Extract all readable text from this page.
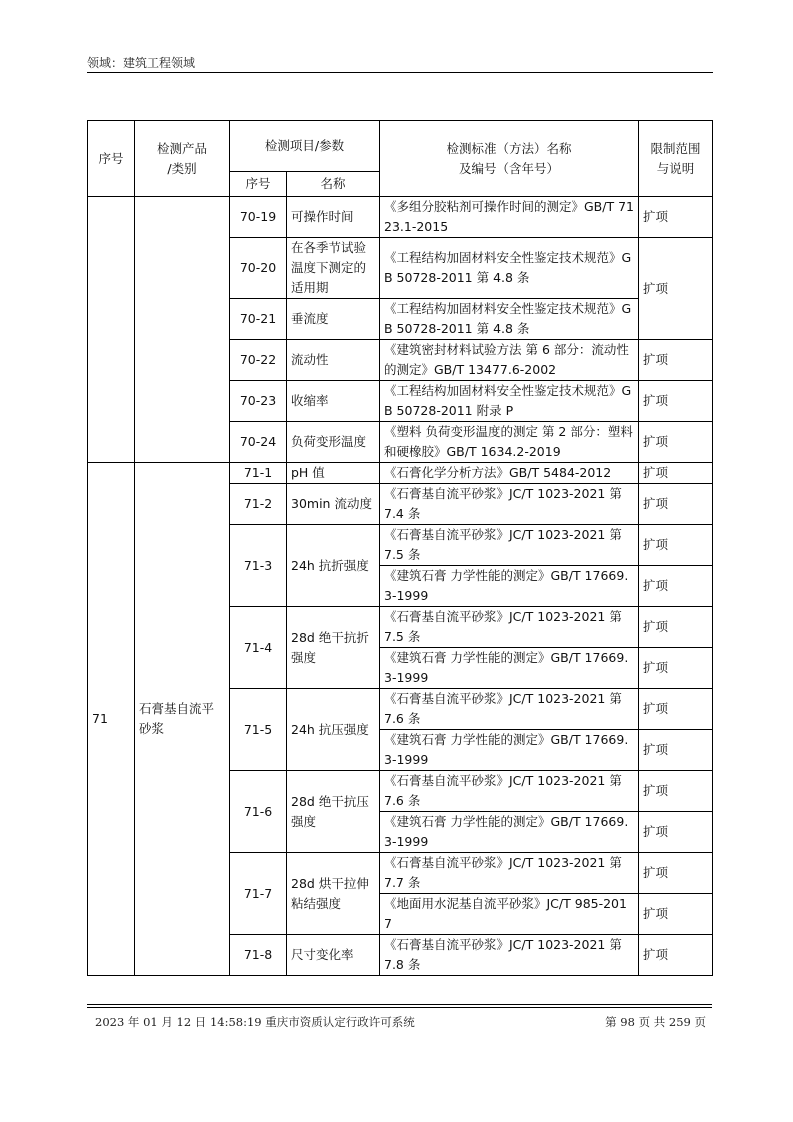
领域：建筑工程领域
序号	检测产品
/类别	检测项目/参数		检测标准（方法）名称
及编号（含年号）	限制范围
与说明
		序号	名称		
		70-19	可操作时间	《多组分胶粘剂可操作时间的测定》GB/T 7123.1-2015	扩项
		70-20	在各季节试验温度下测定的适用期	《工程结构加固材料安全性鉴定技术规范》GB 50728-2011 第 4.8 条	扩项
		70-21	垂流度	《工程结构加固材料安全性鉴定技术规范》GB 50728-2011 第 4.8 条	
		70-22	流动性	《建筑密封材料试验方法 第 6 部分：流动性的测定》GB/T 13477.6-2002	扩项
		70-23	收缩率	《工程结构加固材料安全性鉴定技术规范》GB 50728-2011 附录 P	扩项
		70-24	负荷变形温度	《塑料 负荷变形温度的测定 第 2 部分：塑料和硬橡胶》GB/T 1634.2-2019	扩项
71	石膏基自流平砂浆	71-1	pH 值	《石膏化学分析方法》GB/T 5484-2012	扩项
		71-2	30min 流动度	《石膏基自流平砂浆》JC/T 1023-2021 第 7.4 条	扩项
		71-3	24h 抗折强度	《石膏基自流平砂浆》JC/T 1023-2021 第 7.5 条	扩项
				《建筑石膏 力学性能的测定》GB/T 17669.3-1999	扩项
		71-4	28d 绝干抗折强度	《石膏基自流平砂浆》JC/T 1023-2021 第 7.5 条	扩项
				《建筑石膏 力学性能的测定》GB/T 17669.3-1999	扩项
		71-5	24h 抗压强度	《石膏基自流平砂浆》JC/T 1023-2021 第 7.6 条	扩项
				《建筑石膏 力学性能的测定》GB/T 17669.3-1999	扩项
		71-6	28d 绝干抗压强度	《石膏基自流平砂浆》JC/T 1023-2021 第 7.6 条	扩项
				《建筑石膏 力学性能的测定》GB/T 17669.3-1999	扩项
		71-7	28d 烘干拉伸粘结强度	《石膏基自流平砂浆》JC/T 1023-2021 第 7.7 条	扩项
				《地面用水泥基自流平砂浆》JC/T 985-2017	扩项
		71-8	尺寸变化率	《石膏基自流平砂浆》JC/T 1023-2021 第 7.8 条	扩项
2023 年 01 月 12 日 14:58:19 重庆市资质认定行政许可系统	第 98 页 共 259 页
